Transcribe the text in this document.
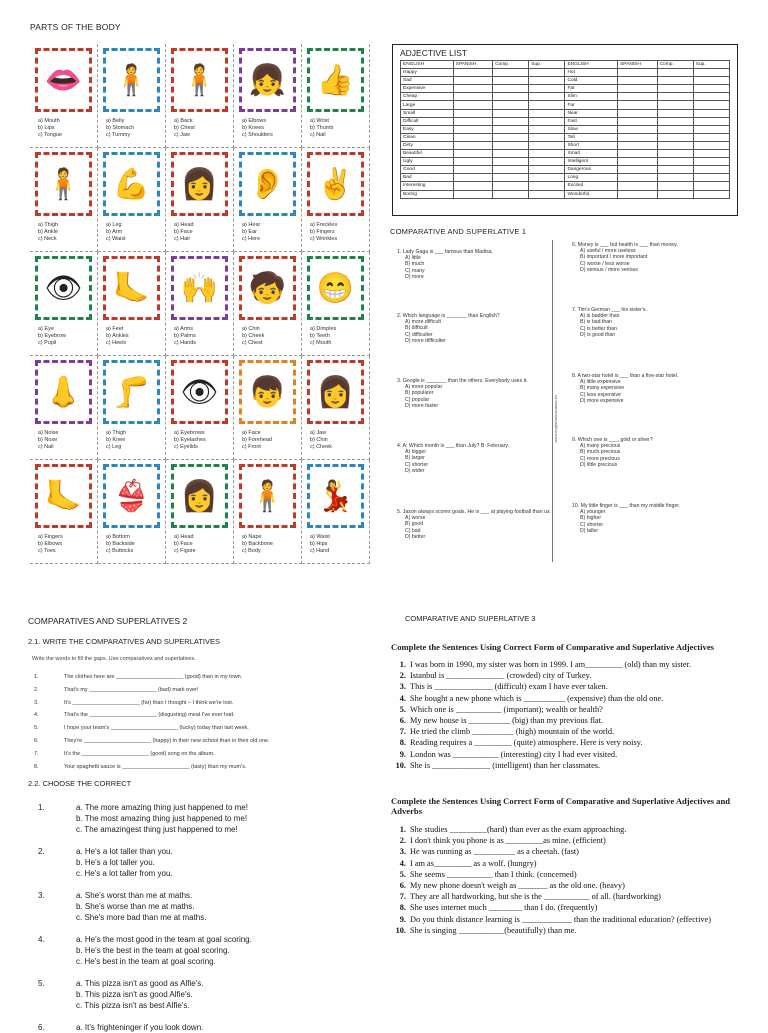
PARTS OF THE BODY
👄
a) Mouth
b) Lips
c) Tongue
🧍
a) Belly
b) Stomach
c) Tummy
🧍
a) Back
b) Chest
c) Jaw
👧
a) Elbows
b) Knees
c) Shoulders
👍
a) Wrist
b) Thumb
c) Nail
🧍
a) Thigh
b) Ankle
c) Neck
💪
a) Leg
b) Arm
c) Waist
👩
a) Head
b) Face
c) Hair
👂
a) Hear
b) Ear
c) Here
✌
a) Freckles
b) Fingers
c) Wrinkles
👁
a) Eye
b) Eyebrow
c) Pupil
🦶
a) Feet
b) Ankles
c) Heels
🙌
a) Arms
b) Palms
c) Hands
🧒
a) Chin
b) Cheek
c) Chest
😁
a) Dimples
b) Teeth
c) Mouth
👃
a) Noise
b) Nose
c) Nail
🦵
a) Thigh
b) Knee
c) Leg
👁
a) Eyebrows
b) Eyelashes
c) Eyelids
👦
a) Face
b) Forehead
c) Front
👩
a) Jaw
b) Chin
c) Cheek
🦶
a) Fingers
b) Elbows
c) Toes
👙
a) Bottom
b) Backside
c) Buttocks
👩
a) Head
b) Face
c) Figure
🧍
a) Nape
b) Backbone
c) Body
💃
a) Waist
b) Hips
c) Hand
ADJECTIVE LIST
ENGLISH	SPANISH	Comp.	Sup.	ENGLISH	SPANISH	Comp.	Sup.
Happy				Hot			
Sad				Cold			
Expensive				Fat			
Cheap				Slim			
Large				Far			
Small				Near			
Difficult				Fast			
Easy				Slow			
Clean				Tall			
Dirty				Short			
Beautiful				Smart			
Ugly				Intelligent			
Good				Dangerous			
Bad				Long			
Interesting				Excited			
Boring				Wonderful			
COMPARATIVE AND SUPERLATIVE 1
www.englishrelexcaixas.es
1. Lady Gaga is ___ famous than Madisa.
A) little
B) much
C) many
D) more
2. Which language is _______ than English?
A) more difficult
B) difficult
C) difficulter
D) more difficulter
3. Google is _______ than the others. Everybody uses it.
A) more popular
B) popularer
C) popular
D) more faster
4. A: Which month is ___ than July? B: February.
A) bigger
B) larger
C) shorter
D) wider
5. Jason always scores goals. He is ___ at playing football than us.
A) worse
B) good
C) bad
D) better
6. Money is ___ but health is ___ than money.
A) useful / more useless
B) important / more important
C) worse / less worse
D) serious / more serious
7. Tim's German ___ his sister's.
A) is badder than
B) is bad than
C) is better than
D) is good than
8. A two-star hotel is ___ than a five-star hotel.
A) little expensive
B) many expensive
C) less expensive
D) more expensive
9. Which one is ___, gold or silver?
A) many precious
B) much precious
C) more precious
D) little precious
10. My little finger is ___ than my middle finger.
A) younger
B) higher
C) shorter
D) taller
COMPARATIVES AND SUPERLATIVES 2
2.1. WRITE THE COMPARATIVES AND SUPERLATIVES
Write the words to fill the gaps. Use comparatives and superlatives.
1.	The clothes here are ______________________ (good) than in my town.
2.	That's my ______________________ (bad) mark ever!
3.	It's ______________________ (far) than I thought – I think we're lost.
4.	That's the ______________________ (disgusting) meal I've ever had.
5.	I hope your team's ______________________ (lucky) today than last week.
6.	They're ______________________ (happy) in their new school than in their old one.
7.	It's the ______________________ (good) song on the album.
8.	Your spaghetti sauce is ______________________ (tasty) than my mum's.
2.2. CHOOSE THE CORRECT
1.	a. The more amazing thing just happened to me!
b. The most amazing thing just happened to me!
c. The amazingest thing just happened to me!
2.	a. He's a lot taller than you.
b. He's a lot taller you.
c. He's a lot taller from you.
3.	a. She's worst than me at maths.
b. She's worse than me at maths.
c. She's more bad than me at maths.
4.	a. He's the most good in the team at goal scoring.
b. He's the best in the team at goal scoring.
c. He's best in the team at goal scoring.
5.	a. This pizza isn't as good as Alfie's.
b. This pizza isn't as good Alfie's.
c. This pizza isn't as best Alfie's.
6.	a. It's frighteninger if you look down.
COMPARATIVE AND SUPERLATIVE 3
Complete the Sentences Using Correct Form of Comparative and Superlative Adjectives
1. I was born in 1990, my sister was born in 1999. I am_________ (old) than my sister.
2. Istanbul is ______________ (crowded) city of Turkey.
3. This is ______________ (difficult) exam I have ever taken.
4. She bought a new phone which is __________ (expensive) than the old one.
5. Which one is ___________ (important); wealth or health?
6. My new house is __________ (big) than my previous flat.
7. He tried the climb __________ (high) mountain of the world.
8. Reading requires a _________ (quite) atmosphere. Here is very noisy.
9. London was ___________ (interesting) city I had ever visited.
10. She is ______________ (intelligent) than her classmates.
Complete the Sentences Using Correct Form of Comparative and Superlative Adjectives and Adverbs
1. She studies _________(hard) than ever as the exam approaching.
2. I don't think you phone is as _________as mine. (efficient)
3. He was running as __________ as a cheetah. (fast)
4. I am as_________ as a wolf. (hungry)
5. She seems ___________ than I think. (concerned)
6. My new phone doesn't weigh as _______ as the old one. (heavy)
7. They are all hardworking, but she is the ___________ of all. (hardworking)
8. She uses internet much ________ than I do. (frequently)
9. Do you think distance learning is ____________ than the traditional education? (effective)
10. She is singing ___________(beautifully) than me.
